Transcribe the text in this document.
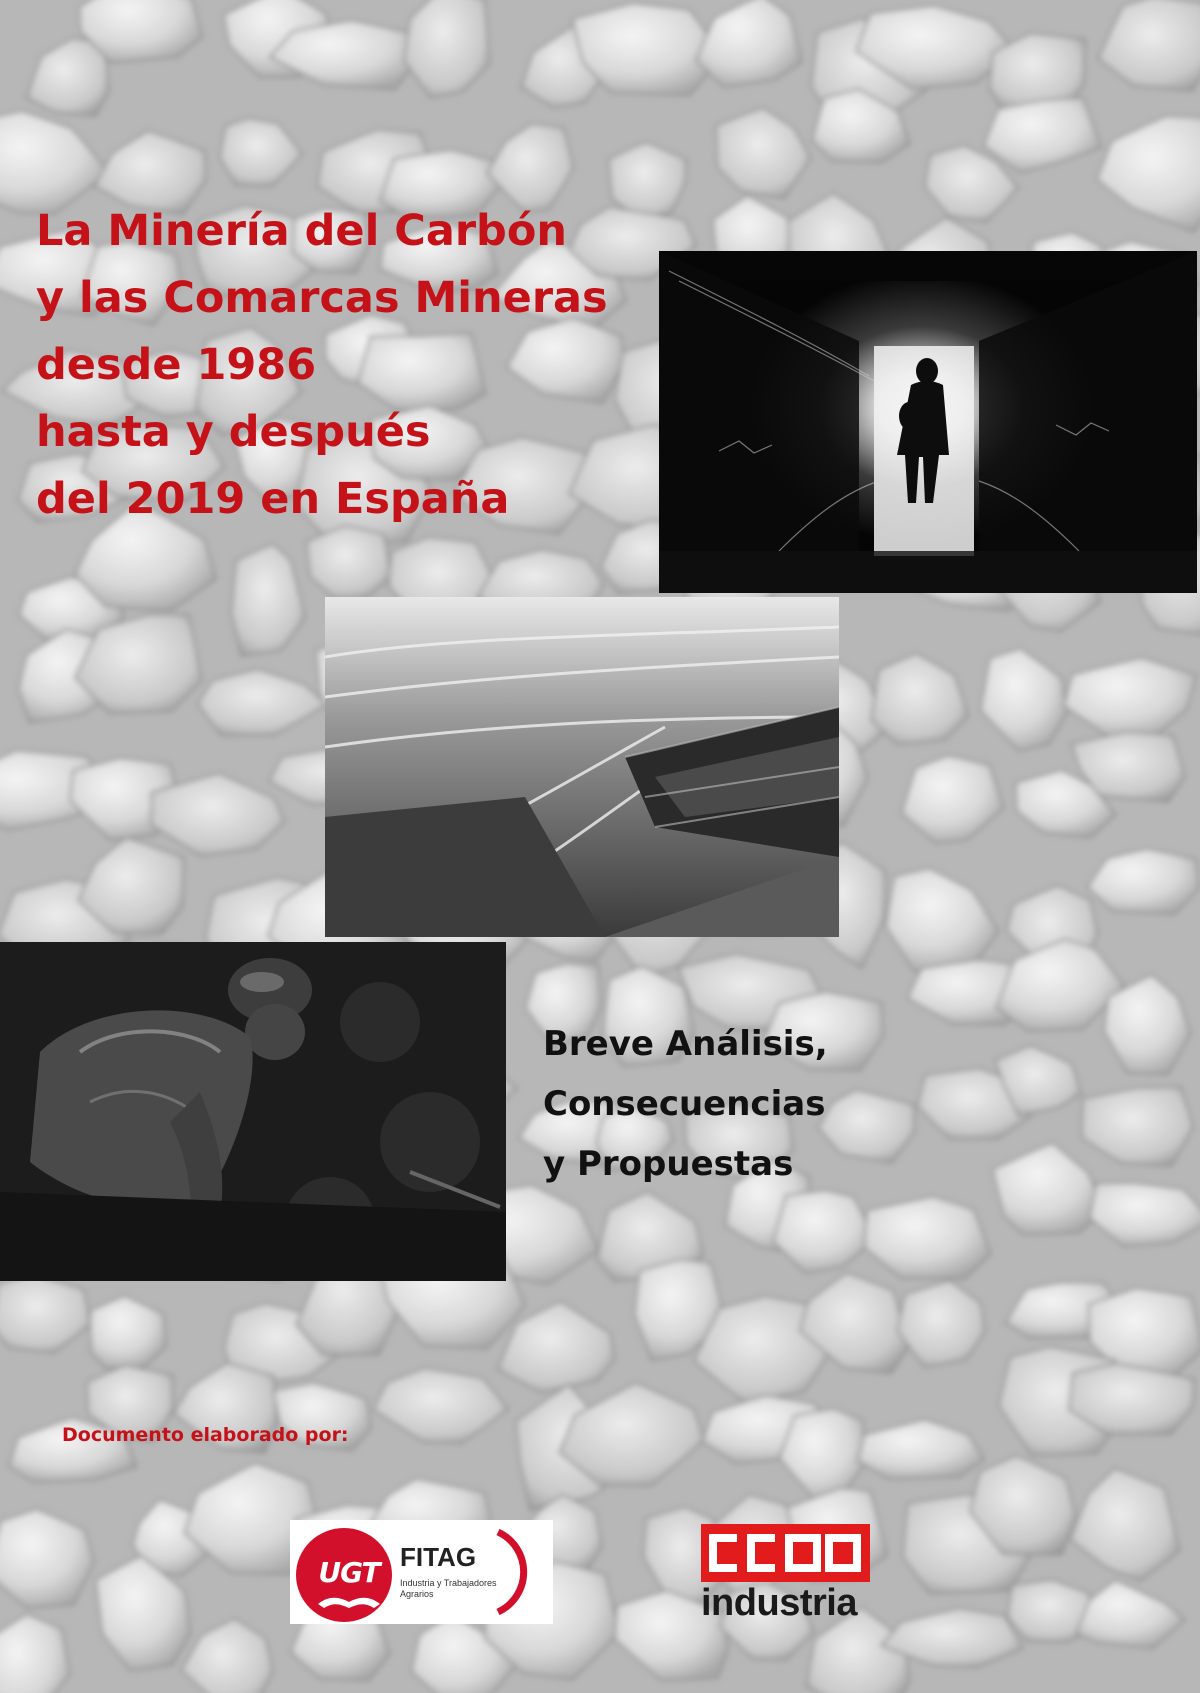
La Minería del Carbón
y las Comarcas Mineras
desde 1986
hasta y después
del 2019 en España
Breve Análisis,
Consecuencias
y Propuestas
Documento elaborado por:
UGT FITAG
Industria y Trabajadores Agrarios	industria
